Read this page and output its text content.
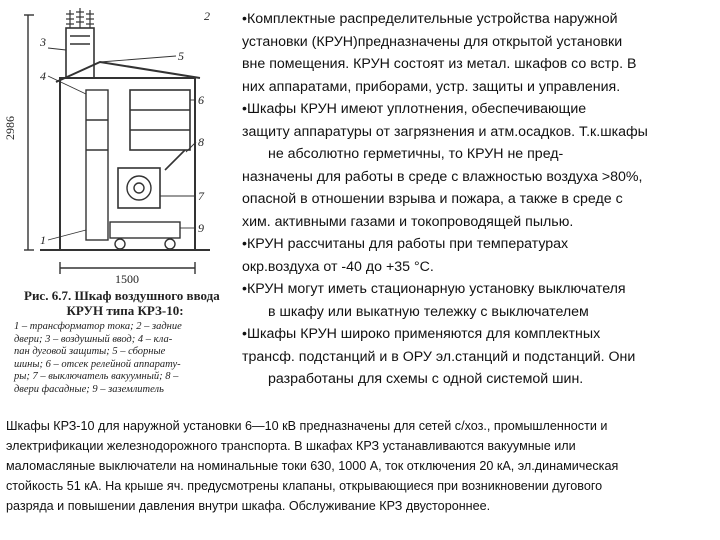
2986
1500
3
4
1
5
6
8
7
9
2
Рис. 6.7. Шкаф воздушного ввода
КРУН типа КРЗ-10:
1 – трансформатор тока; 2 – задние
двери; 3 – воздушный ввод; 4 – кла-
пан дуговой защиты; 5 – сборные
шины; 6 – отсек релейной аппарату-
ры; 7 – выключатель вакуумный; 8 –
двери фасадные; 9 – заземлитель

•Комплектные распределительные устройства наружной

установки (КРУН)предназначены для открытой установки

вне помещения. КРУН состоят из метал. шкафов со встр. В

них аппаратами, приборами, устр. защиты и управления.

•Шкафы КРУН имеют уплотнения, обеспечивающие

защиту аппаратуры от загрязнения и атм.осадков. Т.к.шкафы

не абсолютно герметичны, то КРУН не пред-

назначены для работы в среде с влажностью воздуха >80%,

опасной в отношении взрыва и пожара, а также в среде с

хим. активными газами и токопроводящей пылью.

•КРУН рассчитаны для работы при температурах

окр.воздуха от -40 до +35 °С.

•КРУН могут иметь стационарную установку выключателя

в шкафу или выкатную тележку с выключателем

•Шкафы КРУН широко применяются для комплектных

трансф. подстанций и в ОРУ эл.станций и подстанций. Они

разработаны для схемы с одной системой шин.

Шкафы КРЗ-10 для наружной установки 6—10 кВ предназначены для сетей с/хоз., промышленности и

электрификации железнодорожного транспорта. В шкафах КРЗ устанавливаются вакуумные или

маломасляные выключатели на номинальные токи 630, 1000 А, ток отключения 20 кА, эл.динамическая

стойкость 51 кА. На крыше яч. предусмотрены клапаны, открывающиеся при возникновении дугового

разряда и повышении давления внутри шкафа. Обслуживание КРЗ двустороннее.
